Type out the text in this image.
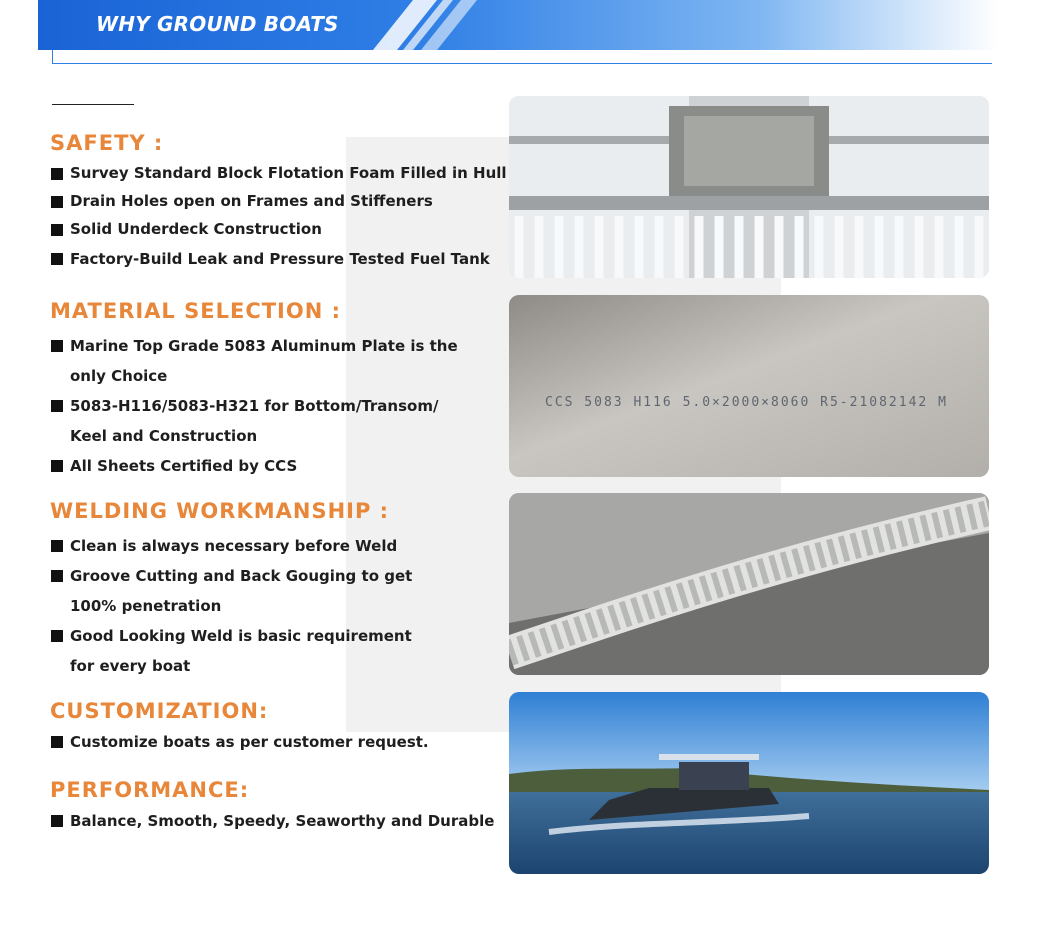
WHY GROUND BOATS
SAFETY :
Survey Standard Block Flotation Foam Filled in Hull
Drain Holes open on Frames and Stiffeners
Solid Underdeck Construction
Factory-Build Leak and Pressure Tested Fuel Tank
MATERIAL SELECTION :
Marine Top Grade 5083 Aluminum Plate is the
only Choice
5083-H116/5083-H321 for Bottom/Transom/
Keel and Construction
All Sheets Certified by CCS
WELDING WORKMANSHIP :
Clean is always necessary before Weld
Groove Cutting and Back Gouging to get
100% penetration
Good Looking Weld is basic requirement
for every boat
CUSTOMIZATION:
Customize boats as per customer request.
PERFORMANCE:
Balance, Smooth, Speedy, Seaworthy and Durable
CCS 5083 H116 5.0×2000×8060 R5-21082142 M
